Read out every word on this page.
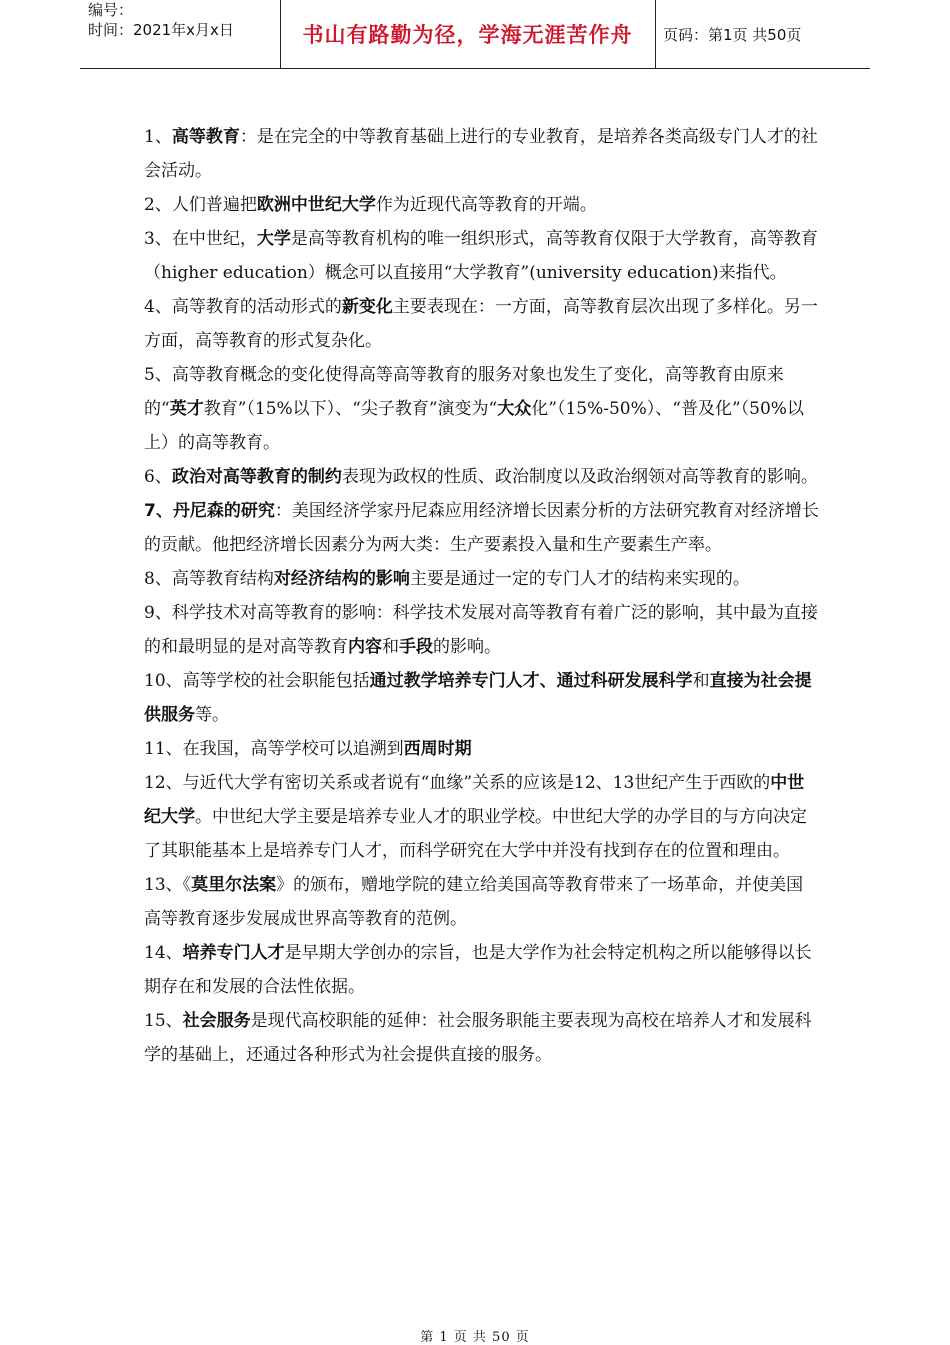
编号：
时间：2021年x月x日	书山有路勤为径，学海无涯苦作舟 页码：第1页 共50页

1、高等教育：是在完全的中等教育基础上进行的专业教育，是培养各类高级专门人才的社会活动。

2、人们普遍把欧洲中世纪大学作为近现代高等教育的开端。

3、在中世纪，大学是高等教育机构的唯一组织形式，高等教育仅限于大学教育，高等教育（higher education）概念可以直接用“大学教育”(university education)来指代。

4、高等教育的活动形式的新变化主要表现在：一方面，高等教育层次出现了多样化。另一方面，高等教育的形式复杂化。

5、高等教育概念的变化使得高等高等教育的服务对象也发生了变化，高等教育由原来的“英才教育”（15%以下）、“尖子教育”演变为“大众化”（15%-50%）、“普及化”（50%以上）的高等教育。

6、政治对高等教育的制约表现为政权的性质、政治制度以及政治纲领对高等教育的影响。

7、丹尼森的研究：美国经济学家丹尼森应用经济增长因素分析的方法研究教育对经济增长的贡献。他把经济增长因素分为两大类：生产要素投入量和生产要素生产率。

8、高等教育结构对经济结构的影响主要是通过一定的专门人才的结构来实现的。

9、科学技术对高等教育的影响：科学技术发展对高等教育有着广泛的影响，其中最为直接的和最明显的是对高等教育内容和手段的影响。

10、高等学校的社会职能包括通过教学培养专门人才、通过科研发展科学和直接为社会提供服务等。

11、在我国，高等学校可以追溯到西周时期

12、与近代大学有密切关系或者说有“血缘”关系的应该是12、13世纪产生于西欧的中世纪大学。中世纪大学主要是培养专业人才的职业学校。中世纪大学的办学目的与方向决定了其职能基本上是培养专门人才，而科学研究在大学中并没有找到存在的位置和理由。

13、《莫里尔法案》的颁布，赠地学院的建立给美国高等教育带来了一场革命，并使美国高等教育逐步发展成世界高等教育的范例。

14、培养专门人才是早期大学创办的宗旨，也是大学作为社会特定机构之所以能够得以长期存在和发展的合法性依据。

15、社会服务是现代高校职能的延伸：社会服务职能主要表现为高校在培养人才和发展科学的基础上，还通过各种形式为社会提供直接的服务。

第 1 页 共 50 页
